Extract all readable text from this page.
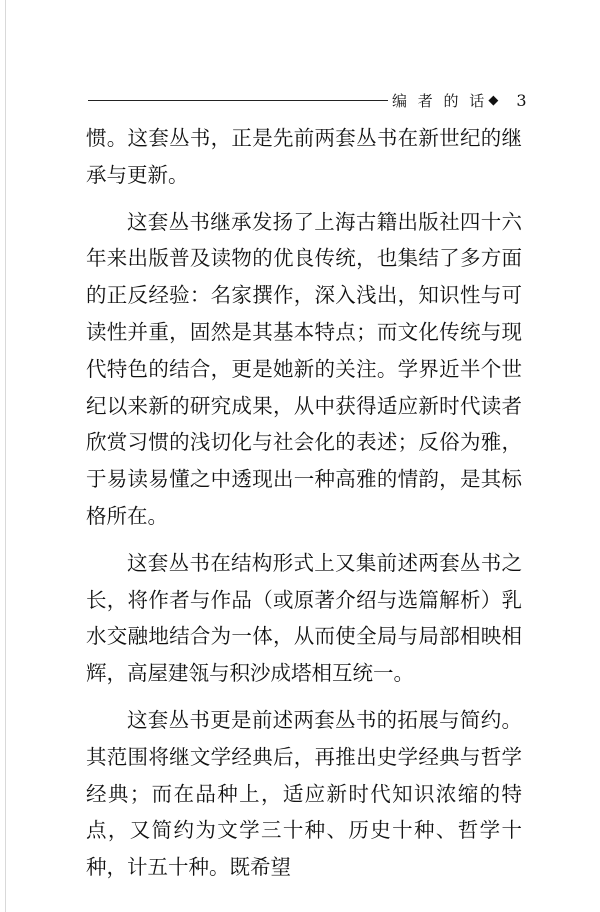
编 者 的 话 ◆ 3

惯。这套丛书，正是先前两套丛书在新世纪的继承与更新。

这套丛书继承发扬了上海古籍出版社四十六年来出版普及读物的优良传统，也集结了多方面的正反经验：名家撰作，深入浅出，知识性与可读性并重，固然是其基本特点；而文化传统与现代特色的结合，更是她新的关注。学界近半个世纪以来新的研究成果，从中获得适应新时代读者欣赏习惯的浅切化与社会化的表述；反俗为雅，于易读易懂之中透现出一种高雅的情韵，是其标格所在。

这套丛书在结构形式上又集前述两套丛书之长，将作者与作品（或原著介绍与选篇解析）乳水交融地结合为一体，从而使全局与局部相映相辉，高屋建瓴与积沙成塔相互统一。

这套丛书更是前述两套丛书的拓展与简约。其范围将继文学经典后，再推出史学经典与哲学经典；而在品种上，适应新时代知识浓缩的特点，又简约为文学三十种、历史十种、哲学十种，计五十种。既希望
